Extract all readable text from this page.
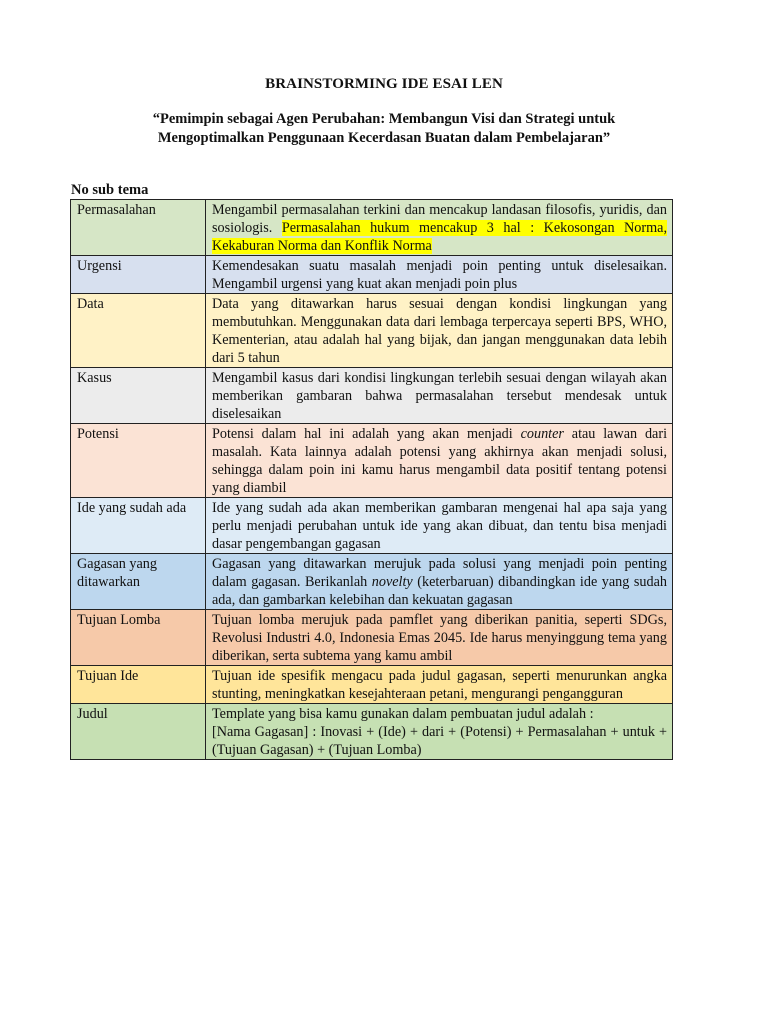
BRAINSTORMING IDE ESAI LEN
“Pemimpin sebagai Agen Perubahan: Membangun Visi dan Strategi untuk
Mengoptimalkan Penggunaan Kecerdasan Buatan dalam Pembelajaran”
No sub tema
Permasalahan	Mengambil permasalahan terkini dan mencakup landasan filosofis, yuridis, dan sosiologis. Permasalahan hukum mencakup 3 hal : Kekosongan Norma, Kekaburan Norma dan Konflik Norma
Urgensi	Kemendesakan suatu masalah menjadi poin penting untuk diselesaikan. Mengambil urgensi yang kuat akan menjadi poin plus
Data	Data yang ditawarkan harus sesuai dengan kondisi lingkungan yang membutuhkan. Menggunakan data dari lembaga terpercaya seperti BPS, WHO, Kementerian, atau adalah hal yang bijak, dan jangan menggunakan data lebih dari 5 tahun
Kasus	Mengambil kasus dari kondisi lingkungan terlebih sesuai dengan wilayah akan memberikan gambaran bahwa permasalahan tersebut mendesak untuk diselesaikan
Potensi	Potensi dalam hal ini adalah yang akan menjadi counter atau lawan dari masalah. Kata lainnya adalah potensi yang akhirnya akan menjadi solusi, sehingga dalam poin ini kamu harus mengambil data positif tentang potensi yang diambil
Ide yang sudah ada	Ide yang sudah ada akan memberikan gambaran mengenai hal apa saja yang perlu menjadi perubahan untuk ide yang akan dibuat, dan tentu bisa menjadi dasar pengembangan gagasan
Gagasan yang ditawarkan	Gagasan yang ditawarkan merujuk pada solusi yang menjadi poin penting dalam gagasan. Berikanlah novelty (keterbaruan) dibandingkan ide yang sudah ada, dan gambarkan kelebihan dan kekuatan gagasan
Tujuan Lomba	Tujuan lomba merujuk pada pamflet yang diberikan panitia, seperti SDGs, Revolusi Industri 4.0, Indonesia Emas 2045. Ide harus menyinggung tema yang diberikan, serta subtema yang kamu ambil
Tujuan Ide	Tujuan ide spesifik mengacu pada judul gagasan, seperti menurunkan angka stunting, meningkatkan kesejahteraan petani, mengurangi pengangguran
Judul	Template yang bisa kamu gunakan dalam pembuatan judul adalah :
[Nama Gagasan] : Inovasi + (Ide) + dari + (Potensi) + Permasalahan + untuk + (Tujuan Gagasan) + (Tujuan Lomba)
